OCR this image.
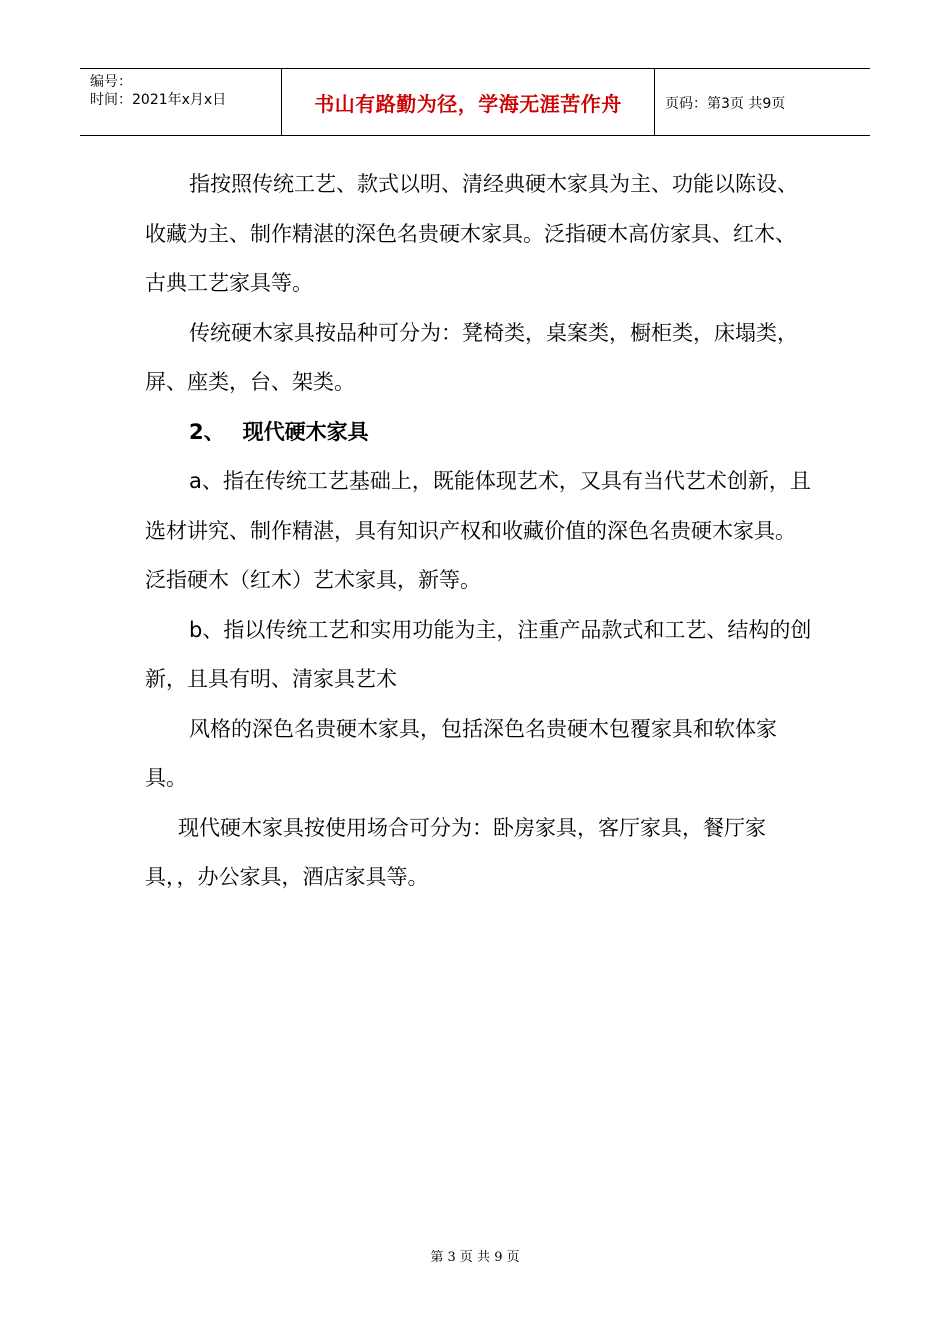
编号：
时间：2021年x月x日	书山有路勤为径，学海无涯苦作舟	页码：第3页 共9页

指按照传统工艺、款式以明、清经典硬木家具为主、功能以陈设、收藏为主、制作精湛的深色名贵硬木家具。泛指硬木高仿家具、红木、古典工艺家具等。

传统硬木家具按品种可分为：凳椅类，桌案类，橱柜类，床塌类，屏、座类，台、架类。

2、 现代硬木家具

a、指在传统工艺基础上，既能体现艺术，又具有当代艺术创新，且选材讲究、制作精湛，具有知识产权和收藏价值的深色名贵硬木家具。泛指硬木（红木）艺术家具，新等。

b、指以传统工艺和实用功能为主，注重产品款式和工艺、结构的创新，且具有明、清家具艺术

风格的深色名贵硬木家具，包括深色名贵硬木包覆家具和软体家具。

现代硬木家具按使用场合可分为：卧房家具，客厅家具，餐厅家具，，办公家具，酒店家具等。

第 3 页 共 9 页
